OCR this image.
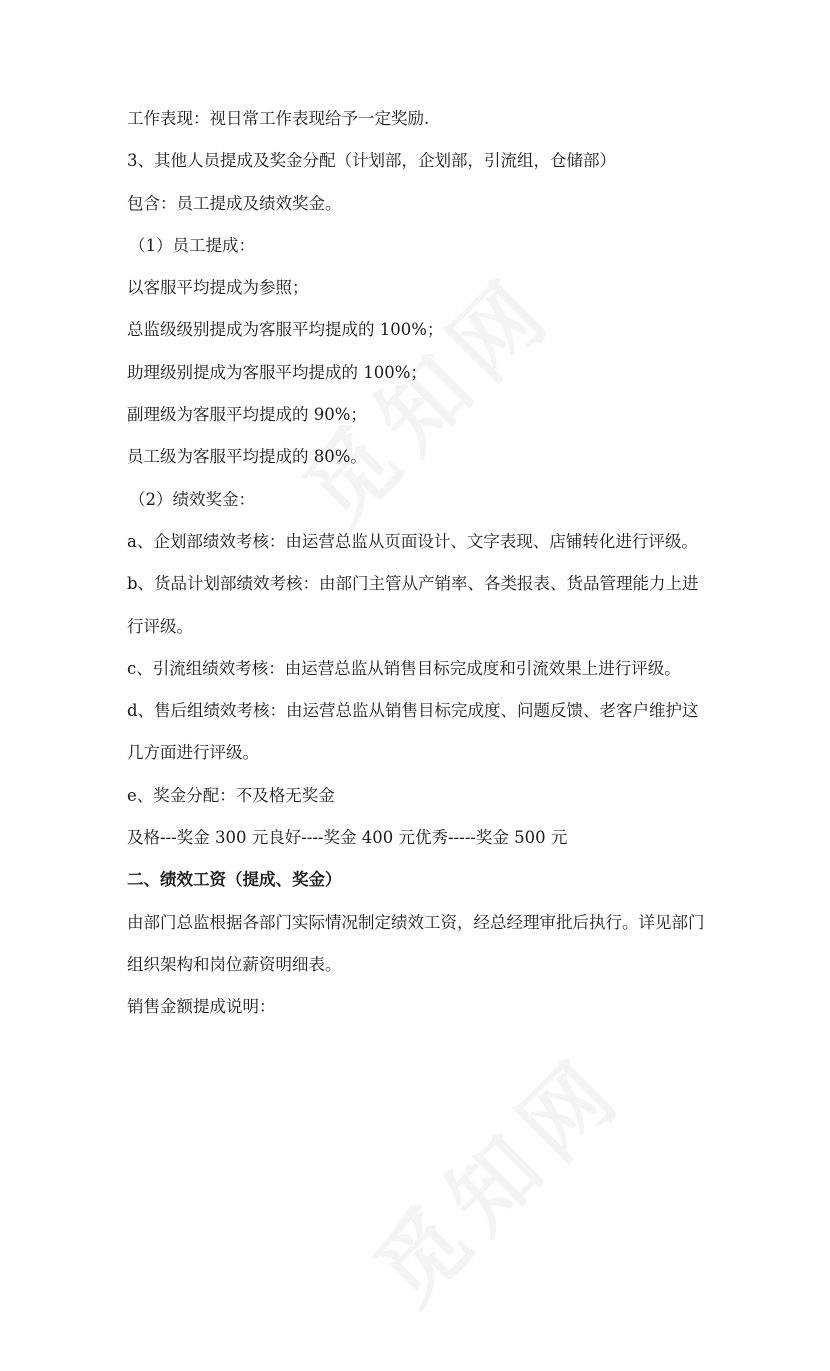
工作表现：视日常工作表现给予一定奖励.

3、其他人员提成及奖金分配（计划部，企划部，引流组，仓储部）

包含：员工提成及绩效奖金。

（1）员工提成：

以客服平均提成为参照；

总监级级别提成为客服平均提成的 100%；

助理级别提成为客服平均提成的 100%；

副理级为客服平均提成的 90%；

员工级为客服平均提成的 80%。

（2）绩效奖金：

a、企划部绩效考核：由运营总监从页面设计、文字表现、店铺转化进行评级。

b、货品计划部绩效考核：由部门主管从产销率、各类报表、货品管理能力上进

行评级。

c、引流组绩效考核：由运营总监从销售目标完成度和引流效果上进行评级。

d、售后组绩效考核：由运营总监从销售目标完成度、问题反馈、老客户维护这

几方面进行评级。

e、奖金分配：不及格无奖金

及格---奖金 300 元良好----奖金 400 元优秀-----奖金 500 元

二、绩效工资（提成、奖金）

由部门总监根据各部门实际情况制定绩效工资，经总经理审批后执行。详见部门

组织架构和岗位薪资明细表。

销售金额提成说明：
